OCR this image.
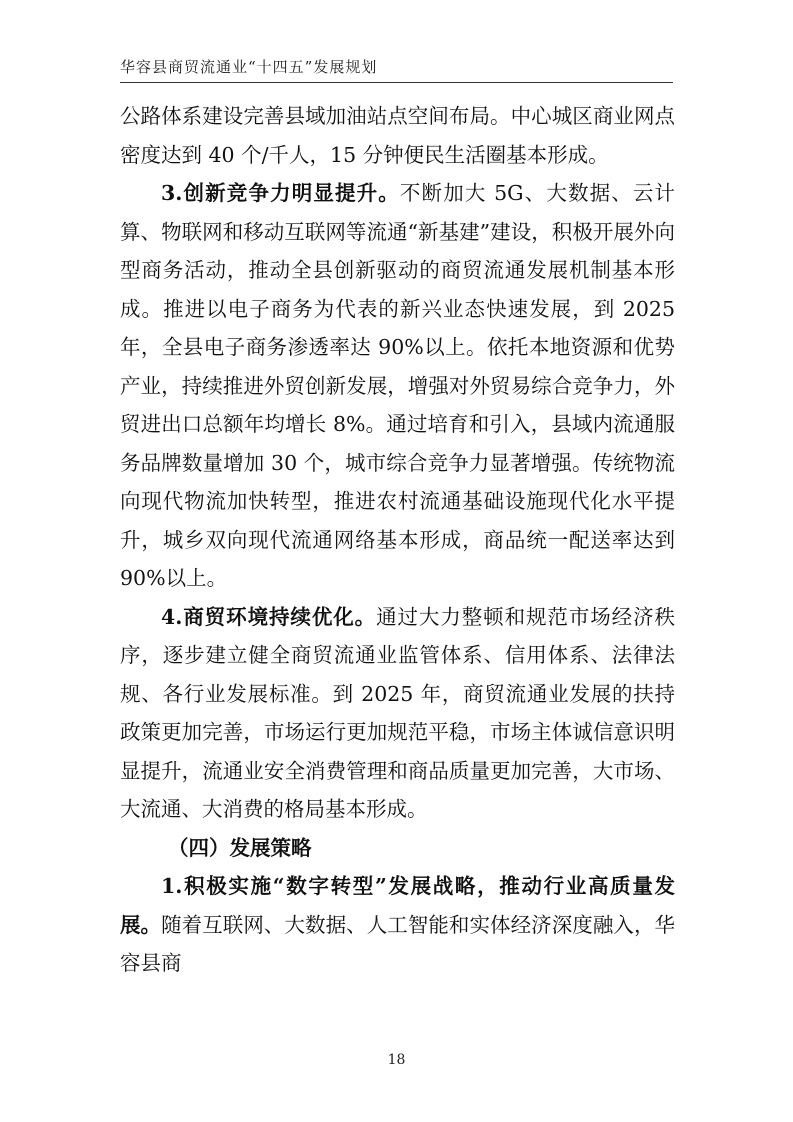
华容县商贸流通业“十四五”发展规划

公路体系建设完善县域加油站点空间布局。中心城区商业网点密度达到 40 个/千人，15 分钟便民生活圈基本形成。

3.创新竞争力明显提升。不断加大 5G、大数据、云计算、物联网和移动互联网等流通“新基建”建设，积极开展外向型商务活动，推动全县创新驱动的商贸流通发展机制基本形成。推进以电子商务为代表的新兴业态快速发展，到 2025 年，全县电子商务渗透率达 90%以上。依托本地资源和优势产业，持续推进外贸创新发展，增强对外贸易综合竞争力，外贸进出口总额年均增长 8%。通过培育和引入，县域内流通服务品牌数量增加 30 个，城市综合竞争力显著增强。传统物流向现代物流加快转型，推进农村流通基础设施现代化水平提升，城乡双向现代流通网络基本形成，商品统一配送率达到 90%以上。

4.商贸环境持续优化。通过大力整顿和规范市场经济秩序，逐步建立健全商贸流通业监管体系、信用体系、法律法规、各行业发展标准。到 2025 年，商贸流通业发展的扶持政策更加完善，市场运行更加规范平稳，市场主体诚信意识明显提升，流通业安全消费管理和商品质量更加完善，大市场、大流通、大消费的格局基本形成。

（四）发展策略

1.积极实施“数字转型”发展战略，推动行业高质量发展。随着互联网、大数据、人工智能和实体经济深度融入，华容县商

18
